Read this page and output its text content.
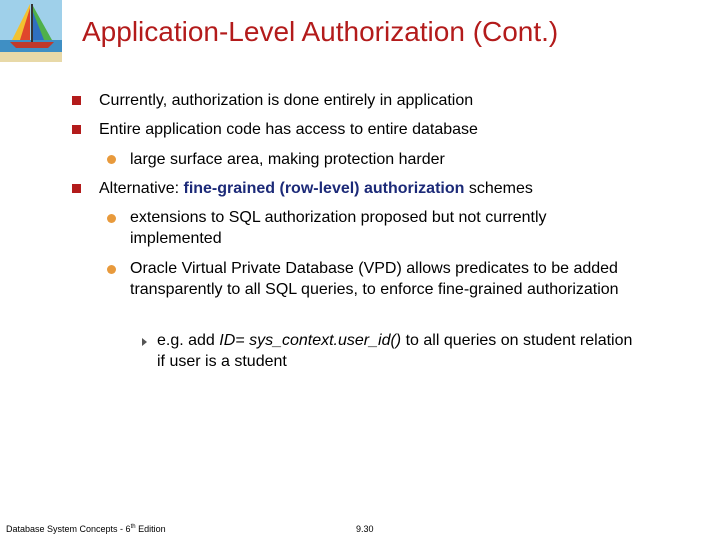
Application-Level Authorization (Cont.)
Currently, authorization is done entirely in application
Entire application code has access to entire database
large surface area, making protection harder
Alternative: fine-grained (row-level) authorization schemes
extensions to SQL authorization proposed but not currently implemented
Oracle Virtual Private Database (VPD) allows predicates to be added transparently to all SQL queries, to enforce fine-grained authorization
e.g. add ID= sys_context.user_id() to all queries on student relation if user is a student
Database System Concepts - 6th Edition	9.30
